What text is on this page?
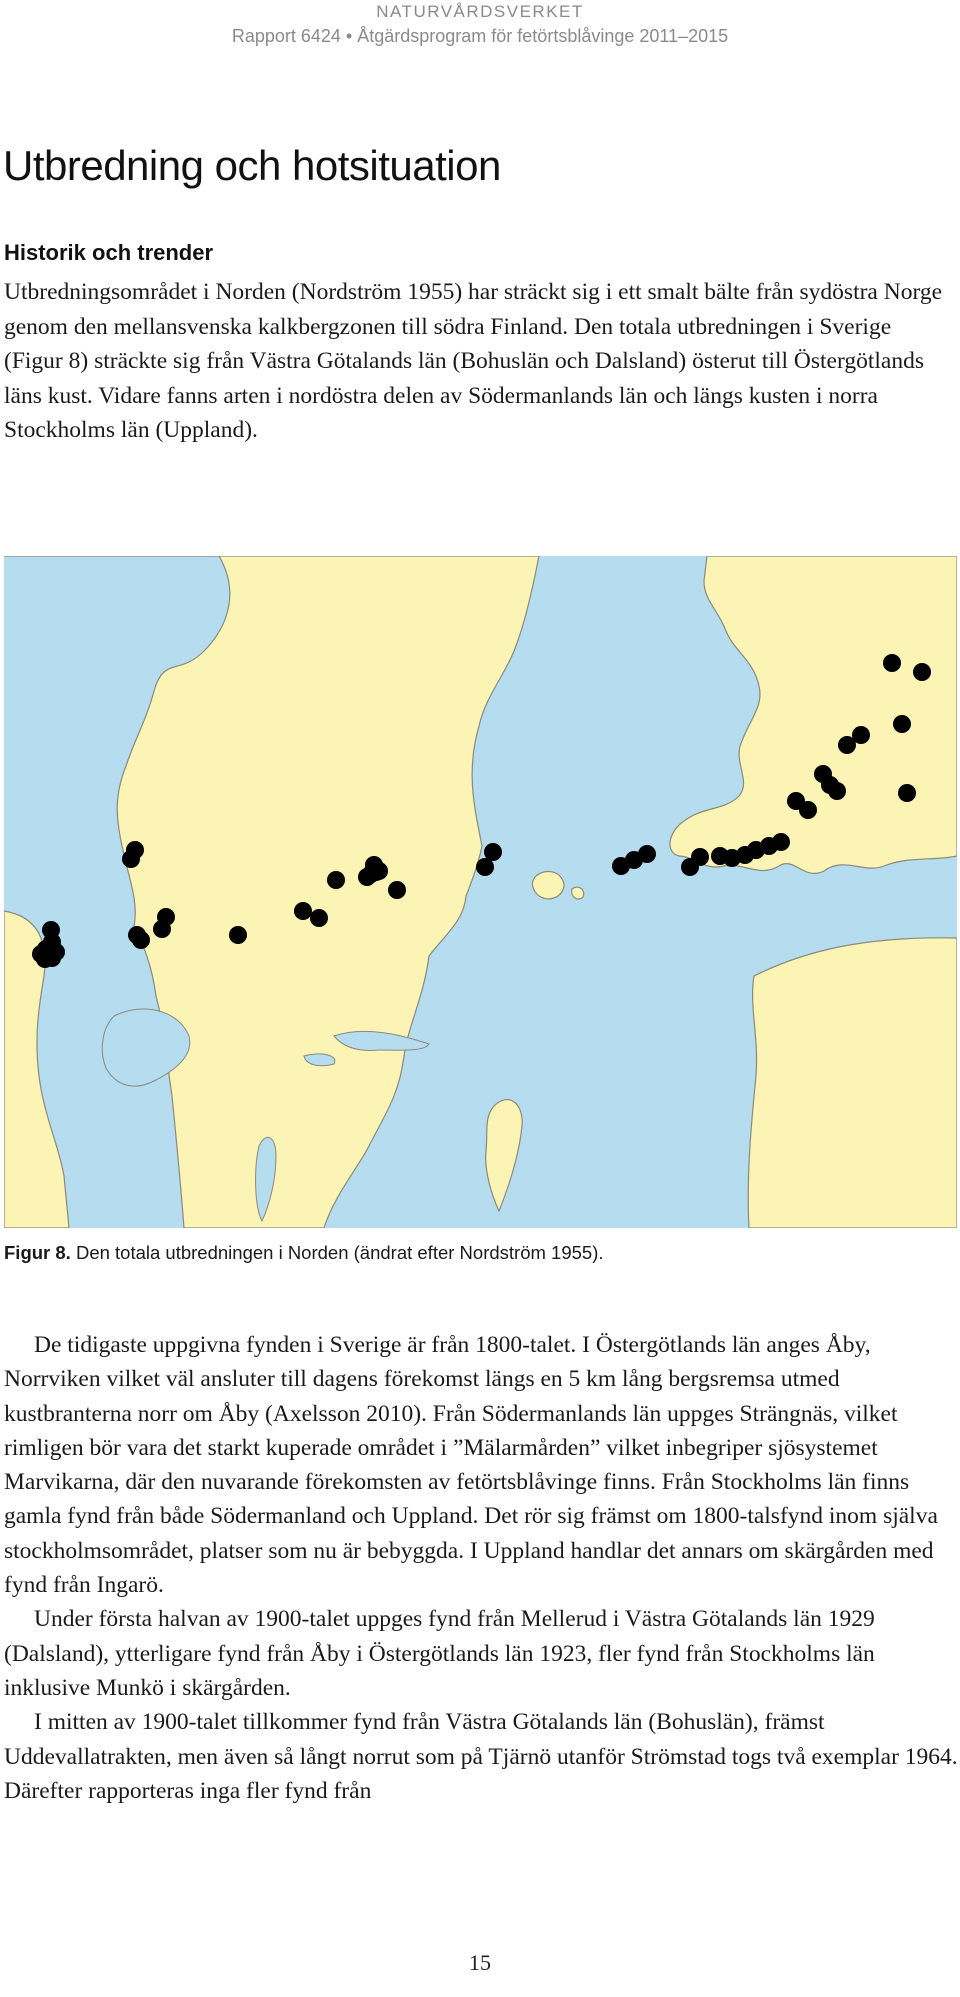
NATURVÅRDSVERKET
Rapport 6424 • Åtgärdsprogram för fetörtsblåvinge 2011–2015
Utbredning och hotsituation
Historik och trender

Utbredningsområdet i Norden (Nordström 1955) har sträckt sig i ett smalt bälte från sydöstra Norge genom den mellansvenska kalkbergzonen till södra Finland. Den totala utbredningen i Sverige (Figur 8) sträckte sig från Västra Götalands län (Bohuslän och Dalsland) österut till Östergötlands läns kust. Vidare fanns arten i nordöstra delen av Södermanlands län och längs kusten i norra Stockholms län (Uppland).

Figur 8. Den totala utbredningen i Norden (ändrat efter Nordström 1955).

De tidigaste uppgivna fynden i Sverige är från 1800-talet. I Östergötlands län anges Åby, Norrviken vilket väl ansluter till dagens förekomst längs en 5 km lång bergsremsa utmed kustbranterna norr om Åby (Axelsson 2010). Från Södermanlands län uppges Strängnäs, vilket rimligen bör vara det starkt kuperade området i ”Mälarmården” vilket inbegriper sjösystemet Marvikarna, där den nuvarande förekomsten av fetörtsblåvinge finns. Från Stockholms län finns gamla fynd från både Södermanland och Uppland. Det rör sig främst om 1800-talsfynd inom själva stockholmsområdet, platser som nu är bebyggda. I Uppland handlar det annars om skärgården med fynd från Ingarö.

Under första halvan av 1900-talet uppges fynd från Mellerud i Västra Götalands län 1929 (Dalsland), ytterligare fynd från Åby i Östergötlands län 1923, fler fynd från Stockholms län inklusive Munkö i skärgården.

I mitten av 1900-talet tillkommer fynd från Västra Götalands län (Bohuslän), främst Uddevallatrakten, men även så långt norrut som på Tjärnö utanför Strömstad togs två exemplar 1964. Därefter rapporteras inga fler fynd från

15
